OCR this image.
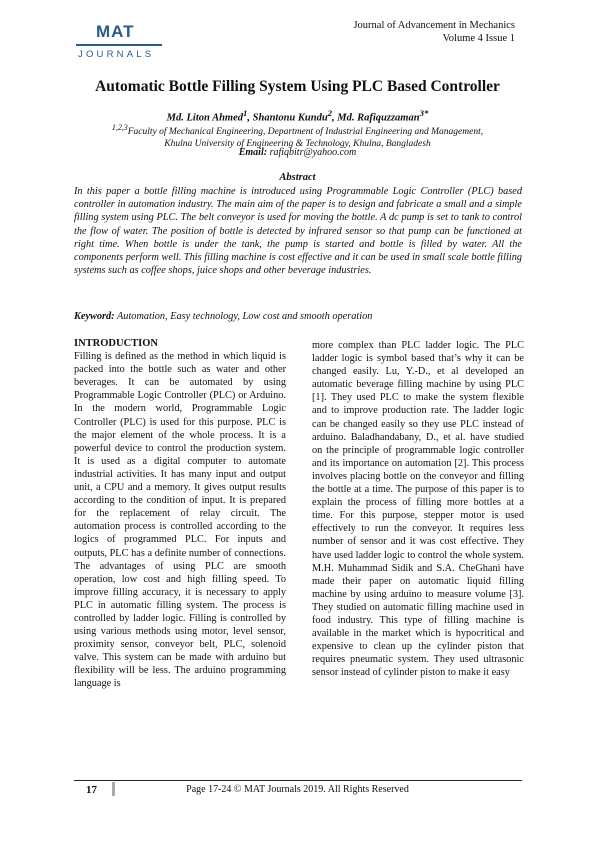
MAT
JOURNALS
Journal of Advancement in Mechanics
Volume 4 Issue 1
Automatic Bottle Filling System Using PLC Based Controller
Md. Liton Ahmed$^1$, Shantonu Kundu$^2$, Md. Rafiquzzaman$^{3*}$
$^{1,2,3}$Faculty of Mechanical Engineering, Department of Industrial Engineering and Management,
Khulna University of Engineering & Technology, Khulna, Bangladesh
Email: rafiqbitr@yahoo.com
Abstract
In this paper a bottle filling machine is introduced using Programmable Logic Controller (PLC) based controller in automation industry. The main aim of the paper is to design and fabricate a small and a simple filling system using PLC. The belt conveyor is used for moving the bottle. A dc pump is set to tank to control the flow of water. The position of bottle is detected by infrared sensor so that pump can be functioned at right time. When bottle is under the tank, the pump is started and bottle is filled by water. All the components perform well. This filling machine is cost effective and it can be used in small scale bottle filling systems such as coffee shops, juice shops and other beverage industries.
Keyword: Automation, Easy technology, Low cost and smooth operation
INTRODUCTION
Filling is defined as the method in which liquid is packed into the bottle such as water and other beverages. It can be automated by using Programmable Logic Controller (PLC) or Arduino. In the modern world, Programmable Logic Controller (PLC) is used for this purpose. PLC is the major element of the whole process. It is a powerful device to control the production system. It is used as a digital computer to automate industrial activities. It has many input and output unit, a CPU and a memory. It gives output results according to the condition of input. It is prepared for the replacement of relay circuit. The automation process is controlled according to the logics of programmed PLC. For inputs and outputs, PLC has a definite number of connections. The advantages of using PLC are smooth operation, low cost and high filling speed. To improve filling accuracy, it is necessary to apply PLC in automatic filling system. The process is controlled by ladder logic. Filling is controlled by using various methods using motor, level sensor, proximity sensor, conveyor belt, PLC, solenoid valve. This system can be made with arduino but flexibility will be less. The arduino programming language is
more complex than PLC ladder logic. The PLC ladder logic is symbol based that’s why it can be changed easily. Lu, Y.-D., et al developed an automatic beverage filling machine by using PLC [1]. They used PLC to make the system flexible and to improve production rate. The ladder logic can be changed easily so they use PLC instead of arduino. Baladhandabany, D., et al. have studied on the principle of programmable logic controller and its importance on automation [2]. This process involves placing bottle on the conveyor and filling the bottle at a time. The purpose of this paper is to explain the process of filling more bottles at a time. For this purpose, stepper motor is used effectively to run the conveyor. It requires less number of sensor and it was cost effective. They have used ladder logic to control the whole system. M.H. Muhammad Sidik and S.A. CheGhani have made their paper on automatic liquid filling machine by using arduino to measure volume [3]. They studied on automatic filling machine used in food industry. This type of filling machine is available in the market which is hypocritical and expensive to clean up the cylinder piston that requires pneumatic system. They used ultrasonic sensor instead of cylinder piston to make it easy
17	Page 17-24 © MAT Journals 2019. All Rights Reserved
